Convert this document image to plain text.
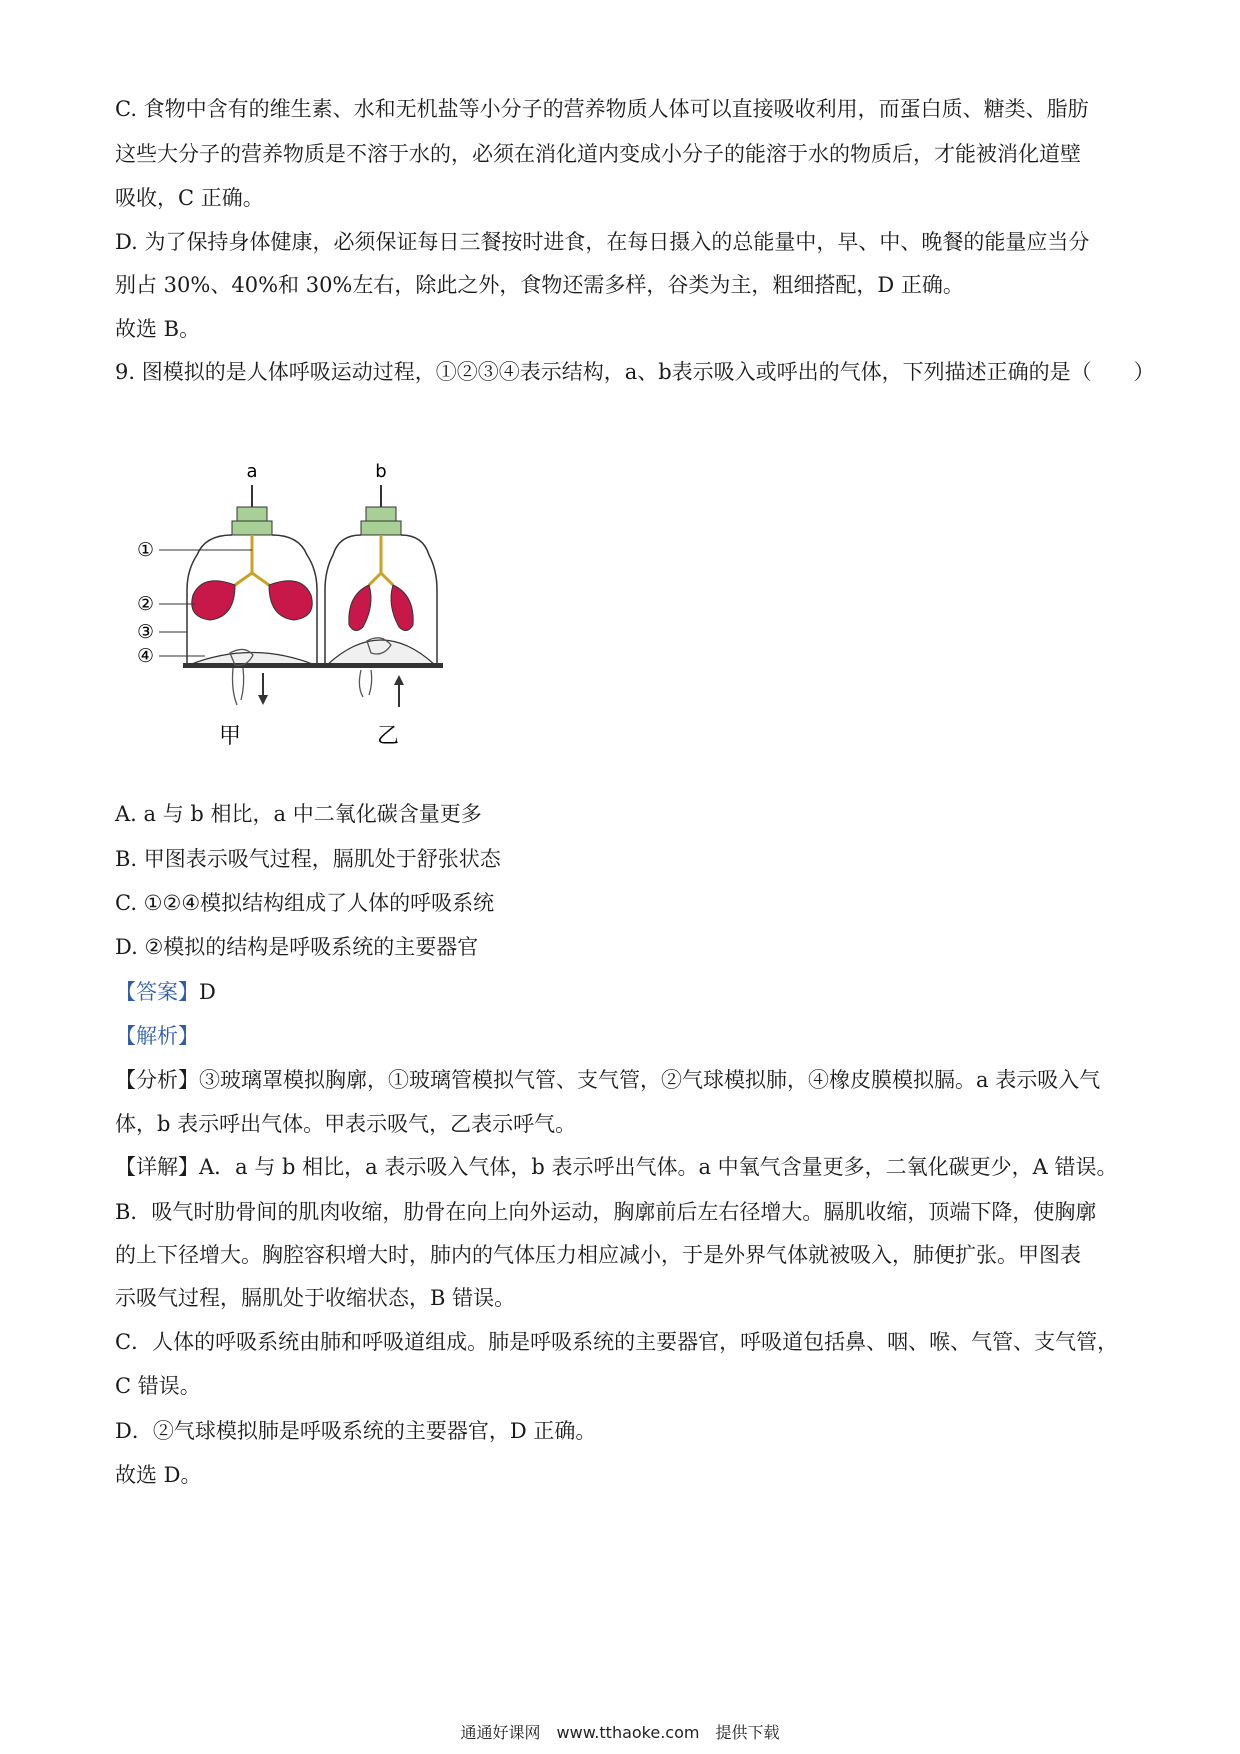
C. 食物中含有的维生素、水和无机盐等小分子的营养物质人体可以直接吸收利用，而蛋白质、糖类、脂肪
这些大分子的营养物质是不溶于水的，必须在消化道内变成小分子的能溶于水的物质后，才能被消化道壁
吸收，C 正确。
D. 为了保持身体健康，必须保证每日三餐按时进食，在每日摄入的总能量中，早、中、晚餐的能量应当分
别占 30%、40%和 30%左右，除此之外，食物还需多样，谷类为主，粗细搭配，D 正确。
故选 B。
9. 图模拟的是人体呼吸运动过程，①②③④表示结构，a、b表示吸入或呼出的气体，下列描述正确的是（　　）
a
甲
①
②
③
④
b
乙
A. a 与 b 相比，a 中二氧化碳含量更多
B. 甲图表示吸气过程，膈肌处于舒张状态
C. ①②④模拟结构组成了人体的呼吸系统
D. ②模拟的结构是呼吸系统的主要器官
【答案】D
【解析】
【分析】③玻璃罩模拟胸廓，①玻璃管模拟气管、支气管，②气球模拟肺，④橡皮膜模拟膈。a 表示吸入气
体，b 表示呼出气体。甲表示吸气，乙表示呼气。
【详解】A．a 与 b 相比，a 表示吸入气体，b 表示呼出气体。a 中氧气含量更多，二氧化碳更少，A 错误。
B．吸气时肋骨间的肌肉收缩，肋骨在向上向外运动，胸廓前后左右径增大。膈肌收缩，顶端下降，使胸廓
的上下径增大。胸腔容积增大时，肺内的气体压力相应减小，于是外界气体就被吸入，肺便扩张。甲图表
示吸气过程，膈肌处于收缩状态，B 错误。
C．人体的呼吸系统由肺和呼吸道组成。肺是呼吸系统的主要器官，呼吸道包括鼻、咽、喉、气管、支气管，
C 错误。
D．②气球模拟肺是呼吸系统的主要器官，D 正确。
故选 D。
通通好课网　www.tthaoke.com　提供下载
